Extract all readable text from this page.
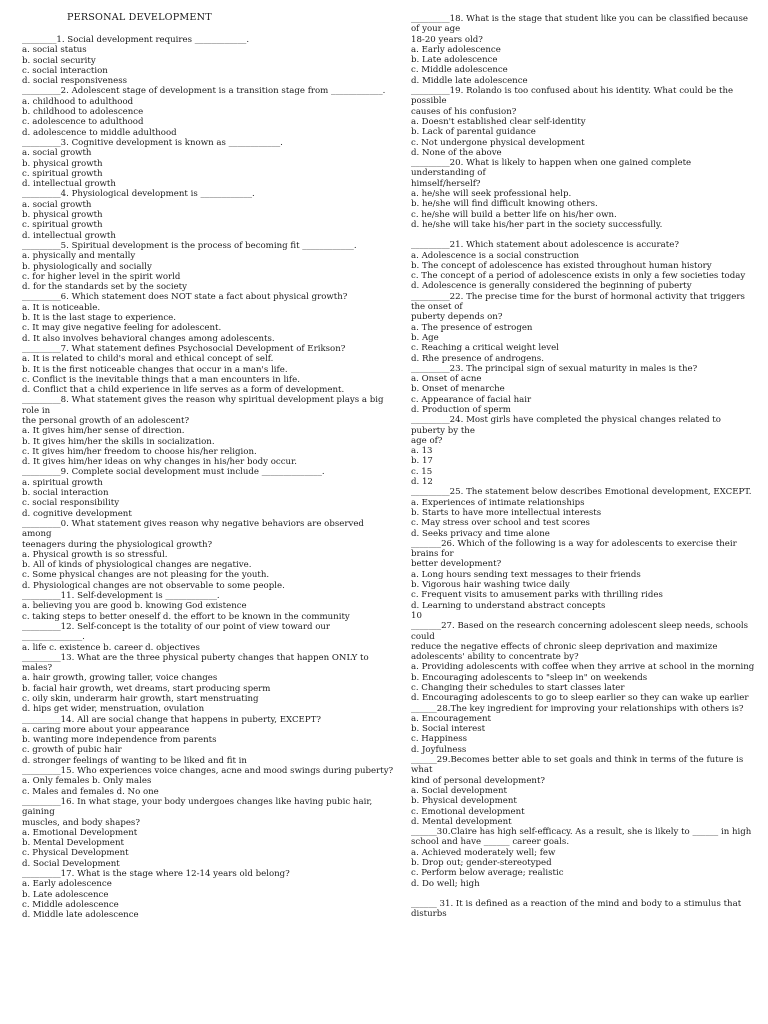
PERSONAL DEVELOPMENT
________1. Social development requires ____________.
a. social status
b. social security
c. social interaction
d. social responsiveness
_________2. Adolescent stage of development is a transition stage from ____________.
a. childhood to adulthood
b. childhood to adolescence
c. adolescence to adulthood
d. adolescence to middle adulthood
_________3. Cognitive development is known as ____________.
a. social growth
b. physical growth
c. spiritual growth
d. intellectual growth
_________4. Physiological development is ____________.
a. social growth
b. physical growth
c. spiritual growth
d. intellectual growth
_________5. Spiritual development is the process of becoming fit ____________.
a. physically and mentally
b. physiologically and socially
c. for higher level in the spirit world
d. for the standards set by the society
_________6. Which statement does NOT state a fact about physical growth?
a. It is noticeable.
b. It is the last stage to experience.
c. It may give negative feeling for adolescent.
d. It also involves behavioral changes among adolescents.
_________7. What statement defines Psychosocial Development of Erikson?
a. It is related to child's moral and ethical concept of self.
b. It is the first noticeable changes that occur in a man's life.
c. Conflict is the inevitable things that a man encounters in life.
d. Conflict that a child experience in life serves as a form of development.
_________8. What statement gives the reason why spiritual development plays a big role in
the personal growth of an adolescent?
a. It gives him/her sense of direction.
b. It gives him/her the skills in socialization.
c. It gives him/her freedom to choose his/her religion.
d. It gives him/her ideas on why changes in his/her body occur.
_________9. Complete social development must include ______________.
a. spiritual growth
b. social interaction
c. social responsibility
d. cognitive development
_________0. What statement gives reason why negative behaviors are observed among
teenagers during the physiological growth?
a. Physical growth is so stressful.
b. All of kinds of physiological changes are negative.
c. Some physical changes are not pleasing for the youth.
d. Physiological changes are not observable to some people.
_________11. Self-development is ____________.
a. believing you are good b. knowing God existence
c. taking steps to better oneself d. the effort to be known in the community
_________12. Self-concept is the totality of our point of view toward our ______________.
a. life c. existence b. career d. objectives
_________13. What are the three physical puberty changes that happen ONLY to males?
a. hair growth, growing taller, voice changes
b. facial hair growth, wet dreams, start producing sperm
c. oily skin, underarm hair growth, start menstruating
d. hips get wider, menstruation, ovulation
_________14. All are social change that happens in puberty, EXCEPT?
a. caring more about your appearance
b. wanting more independence from parents
c. growth of pubic hair
d. stronger feelings of wanting to be liked and fit in
_________15. Who experiences voice changes, acne and mood swings during puberty?
a. Only females b. Only males
c. Males and females d. No one
_________16. In what stage, your body undergoes changes like having pubic hair, gaining
muscles, and body shapes?
a. Emotional Development
b. Mental Development
c. Physical Development
d. Social Development
_________17. What is the stage where 12-14 years old belong?
a. Early adolescence
b. Late adolescence
c. Middle adolescence
d. Middle late adolescence
_________18. What is the stage that student like you can be classified because of your age
18-20 years old?
a. Early adolescence
b. Late adolescence
c. Middle adolescence
d. Middle late adolescence
_________19. Rolando is too confused about his identity. What could be the possible
causes of his confusion?
a. Doesn't established clear self-identity
b. Lack of parental guidance
c. Not undergone physical development
d. None of the above
_________20. What is likely to happen when one gained complete understanding of
himself/herself?
a. he/she will seek professional help.
b. he/she will find difficult knowing others.
c. he/she will build a better life on his/her own.
d. he/she will take his/her part in the society successfully.
_________21. Which statement about adolescence is accurate?
a. Adolescence is a social construction
b. The concept of adolescence has existed throughout human history
c. The concept of a period of adolescence exists in only a few societies today
d. Adolescence is generally considered the beginning of puberty
_________22. The precise time for the burst of hormonal activity that triggers the onset of
puberty depends on?
a. The presence of estrogen
b. Age
c. Reaching a critical weight level
d. Rhe presence of androgens.
_________23. The principal sign of sexual maturity in males is the?
a. Onset of acne
b. Onset of menarche
c. Appearance of facial hair
d. Production of sperm
_________24. Most girls have completed the physical changes related to puberty by the
age of?
a. 13
b. 17
c. 15
d. 12
_________25. The statement below describes Emotional development, EXCEPT.
a. Experiences of intimate relationships
b. Starts to have more intellectual interests
c. May stress over school and test scores
d. Seeks privacy and time alone
_______26. Which of the following is a way for adolescents to exercise their brains for
better development?
a. Long hours sending text messages to their friends
b. Vigorous hair washing twice daily
c. Frequent visits to amusement parks with thrilling rides
d. Learning to understand abstract concepts
10
_______27. Based on the research concerning adolescent sleep needs, schools could
reduce the negative effects of chronic sleep deprivation and maximize adolescents' ability to concentrate by?
a. Providing adolescents with coffee when they arrive at school in the morning
b. Encouraging adolescents to "sleep in" on weekends
c. Changing their schedules to start classes later
d. Encouraging adolescents to go to sleep earlier so they can wake up earlier
______28.The key ingredient for improving your relationships with others is?
a. Encouragement
b. Social interest
c. Happiness
d. Joyfulness
______29.Becomes better able to set goals and think in terms of the future is what
kind of personal development?
a. Social development
b. Physical development
c. Emotional development
d. Mental development
______30.Claire has high self-efficacy. As a result, she is likely to ______ in high
school and have ______ career goals.
a. Achieved moderately well; few
b. Drop out; gender-stereotyped
c. Perform below average; realistic
d. Do well; high
______ 31. It is defined as a reaction of the mind and body to a stimulus that disturbs
